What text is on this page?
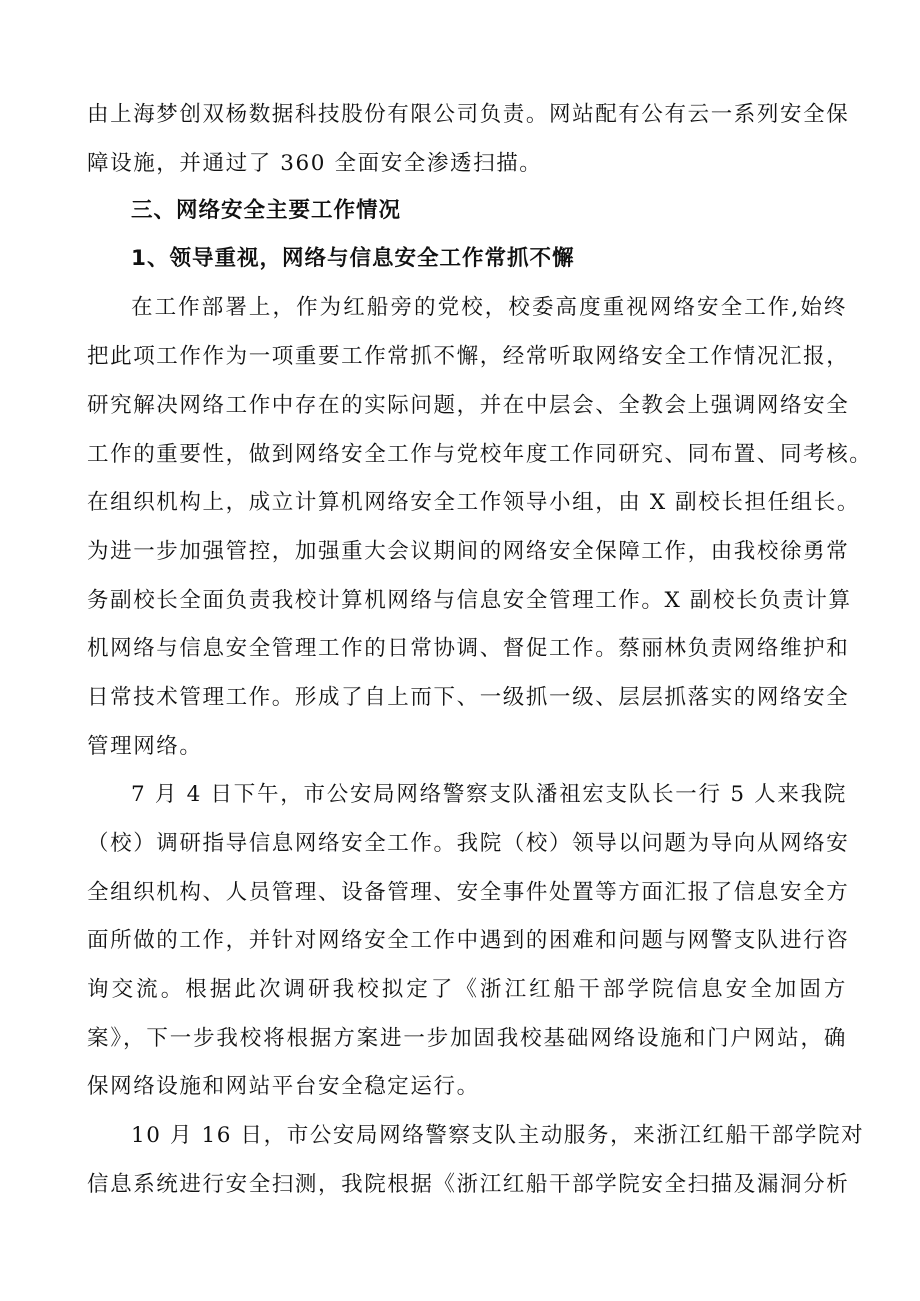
由上海梦创双杨数据科技股份有限公司负责。网站配有公有云一系列安全保
障设施，并通过了 360 全面安全渗透扫描。
三、网络安全主要工作情况
1、领导重视，网络与信息安全工作常抓不懈
在工作部署上，作为红船旁的党校，校委高度重视网络安全工作,始终
把此项工作作为一项重要工作常抓不懈，经常听取网络安全工作情况汇报，
研究解决网络工作中存在的实际问题，并在中层会、全教会上强调网络安全
工作的重要性，做到网络安全工作与党校年度工作同研究、同布置、同考核。
在组织机构上，成立计算机网络安全工作领导小组，由 X 副校长担任组长。
为进一步加强管控，加强重大会议期间的网络安全保障工作，由我校徐勇常
务副校长全面负责我校计算机网络与信息安全管理工作。X 副校长负责计算
机网络与信息安全管理工作的日常协调、督促工作。蔡丽林负责网络维护和
日常技术管理工作。形成了自上而下、一级抓一级、层层抓落实的网络安全
管理网络。
7 月 4 日下午，市公安局网络警察支队潘祖宏支队长一行 5 人来我院
（校）调研指导信息网络安全工作。我院（校）领导以问题为导向从网络安
全组织机构、人员管理、设备管理、安全事件处置等方面汇报了信息安全方
面所做的工作，并针对网络安全工作中遇到的困难和问题与网警支队进行咨
询交流。根据此次调研我校拟定了《浙江红船干部学院信息安全加固方
案》，下一步我校将根据方案进一步加固我校基础网络设施和门户网站，确
保网络设施和网站平台安全稳定运行。
10 月 16 日，市公安局网络警察支队主动服务，来浙江红船干部学院对
信息系统进行安全扫测，我院根据《浙江红船干部学院安全扫描及漏洞分析
